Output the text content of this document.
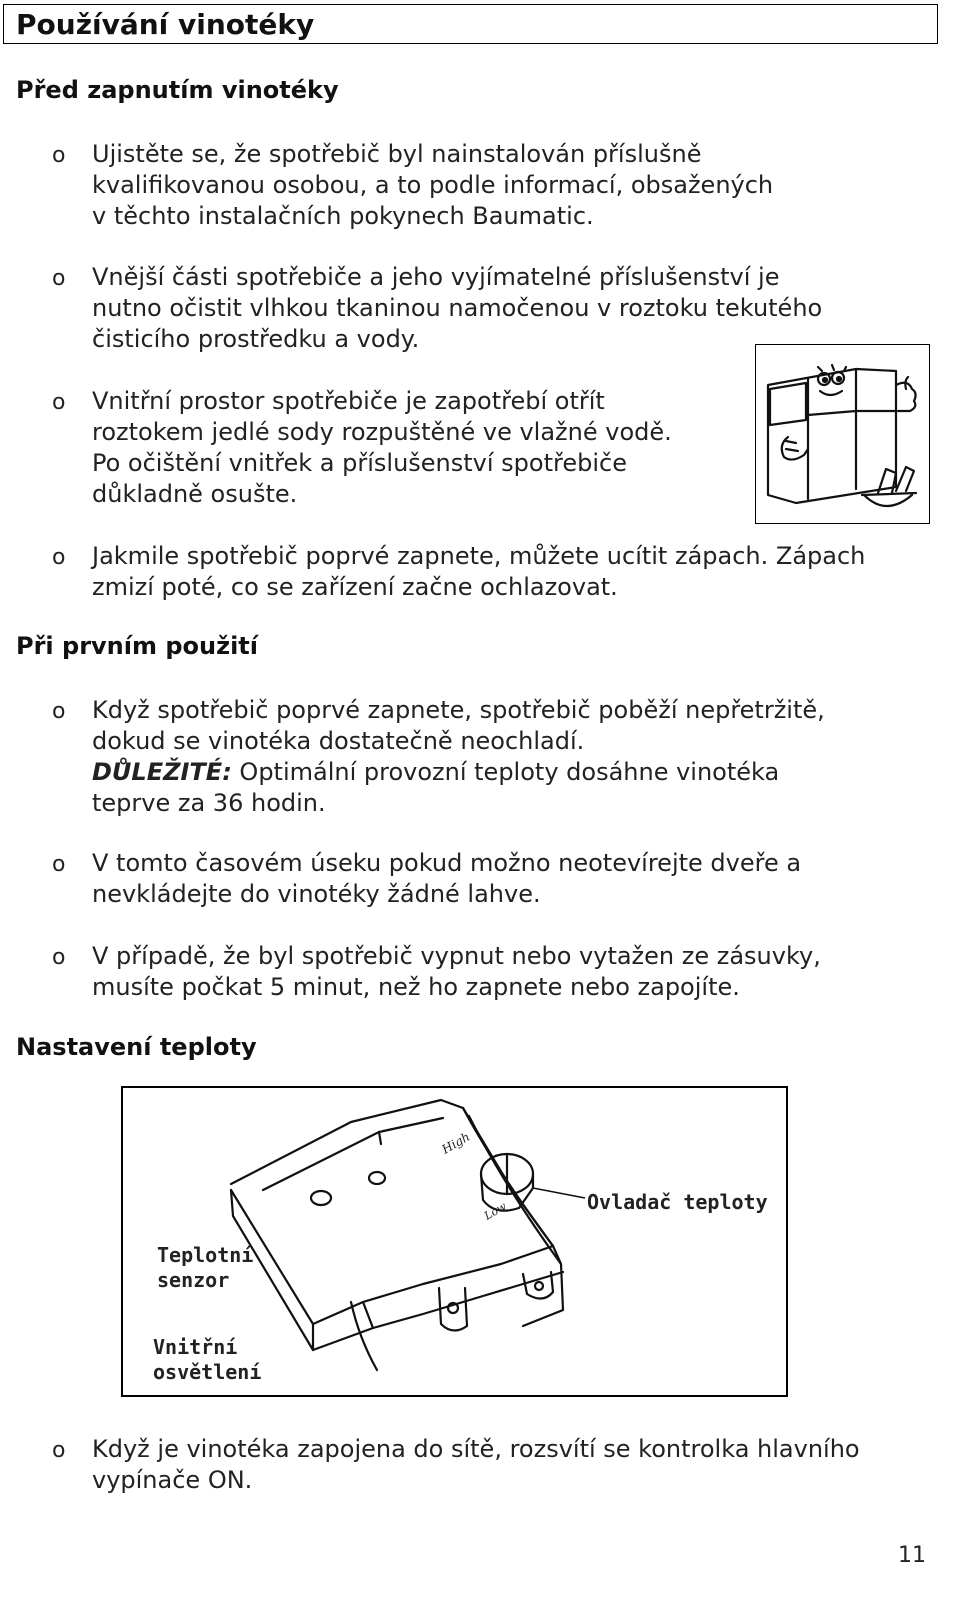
Používání vinotéky
Před zapnutím vinotéky
o Ujistěte se, že spotřebič byl nainstalován příslušně
kvalifikovanou osobou, a to podle informací, obsažených
v těchto instalačních pokynech Baumatic.

o Vnější části spotřebiče a jeho vyjímatelné příslušenství je
nutno očistit vlhkou tkaninou namočenou v roztoku tekutého
čisticího prostředku a vody.

o Vnitřní prostor spotřebiče je zapotřebí otřít
roztokem jedlé sody rozpuštěné ve vlažné vodě.
Po očištění vnitřek a příslušenství spotřebiče
důkladně osušte.

o Jakmile spotřebič poprvé zapnete, můžete ucítit zápach. Zápach
zmizí poté, co se zařízení začne ochlazovat.

Při prvním použití
o Když spotřebič poprvé zapnete, spotřebič poběží nepřetržitě,
dokud se vinotéka dostatečně neochladí.
DŮLEŽITÉ: Optimální provozní teploty dosáhne vinotéka
teprve za 36 hodin.

o V tomto časovém úseku pokud možno neotevírejte dveře a
nevkládejte do vinotéky žádné lahve.

o V případě, že byl spotřebič vypnut nebo vytažen ze zásuvky,
musíte počkat 5 minut, než ho zapnete nebo zapojíte.

Nastavení teploty
High
Low	Ovladač teploty
Teplotní
senzor
Vnitřní
osvětlení
o Když je vinotéka zapojena do sítě, rozsvítí se kontrolka hlavního
vypínače ON.

11
